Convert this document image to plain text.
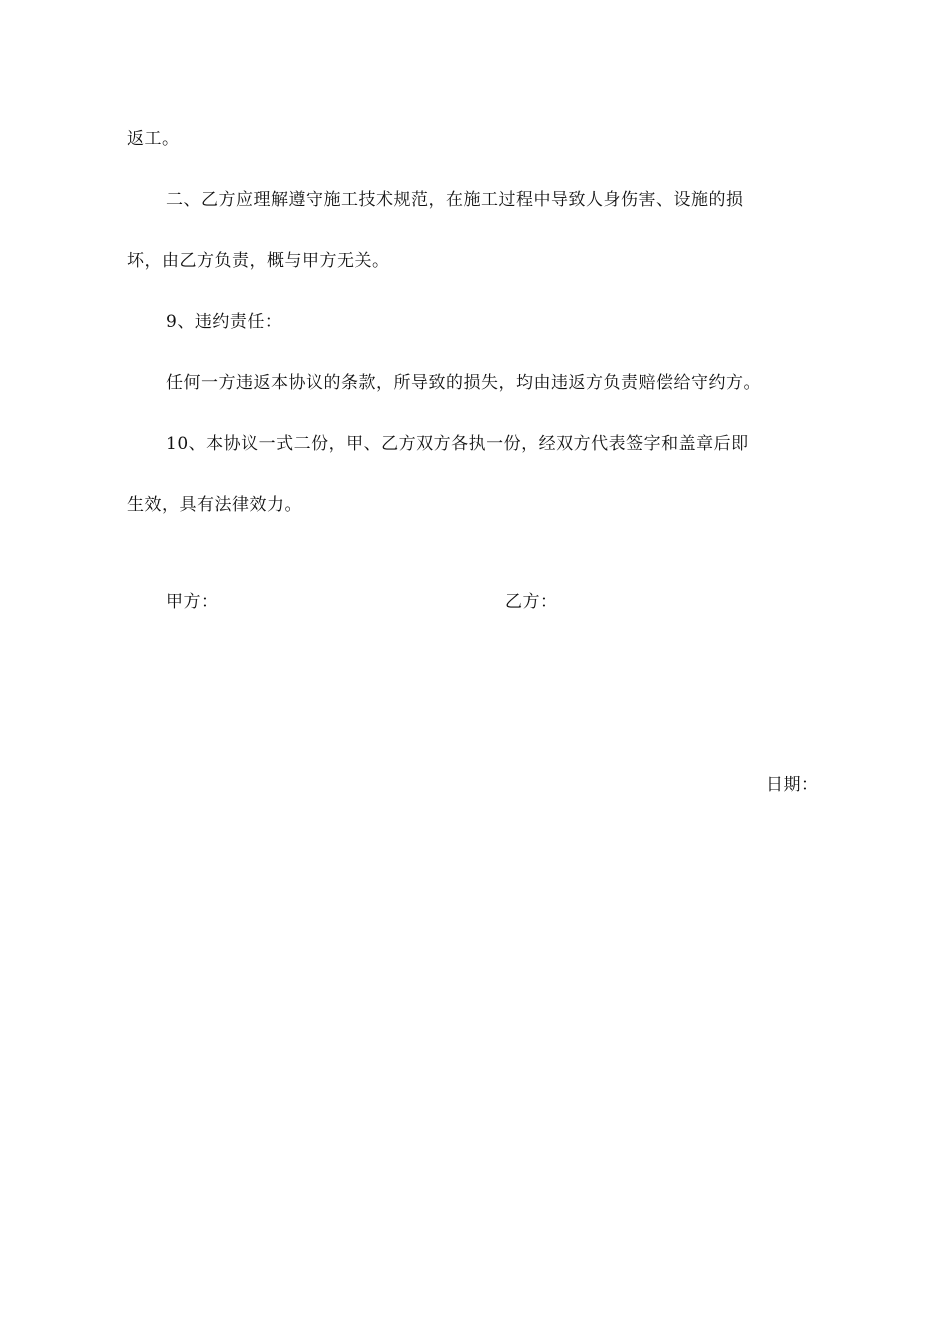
返工。
二、乙方应理解遵守施工技术规范，在施工过程中导致人身伤害、设施的损
坏，由乙方负责，概与甲方无关。
9、违约责任：
任何一方违返本协议的条款，所导致的损失，均由违返方负责赔偿给守约方。
10、本协议一式二份，甲、乙方双方各执一份，经双方代表签字和盖章后即
生效，具有法律效力。
甲方：	乙方：
日期：
